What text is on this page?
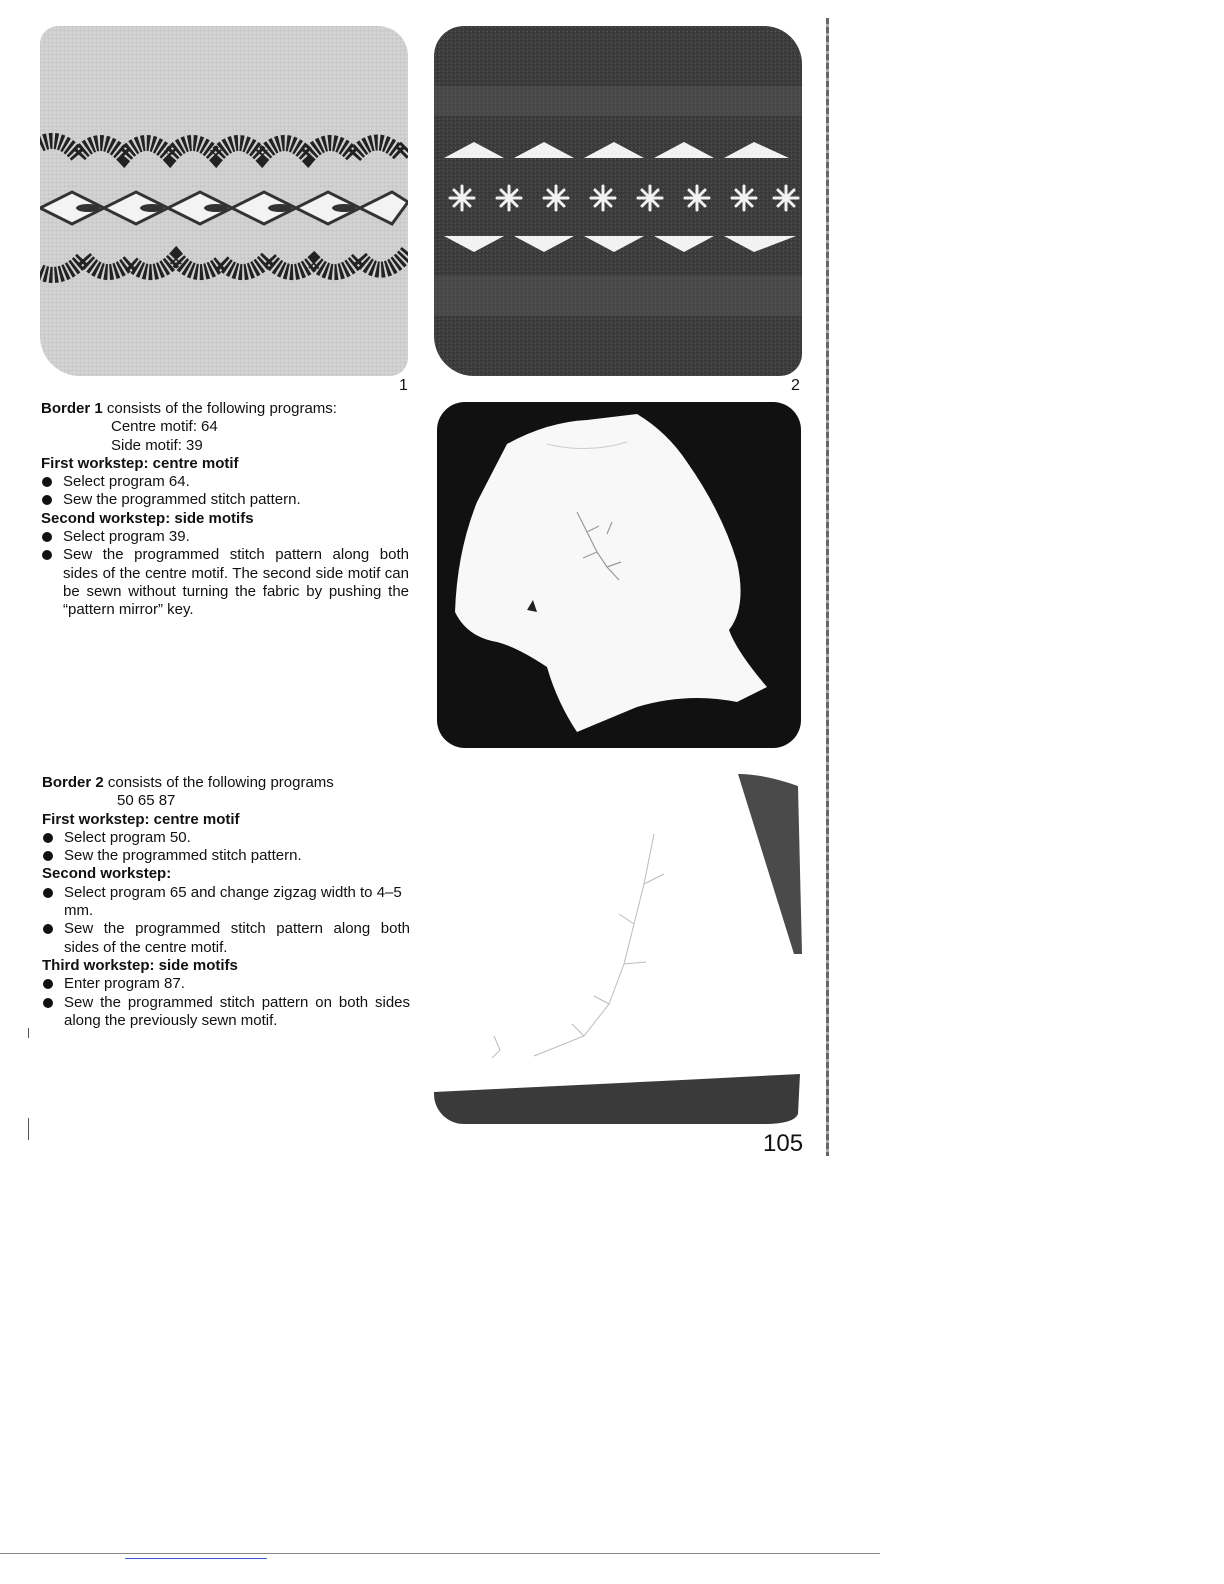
1	2

Border 1 consists of the following programs:

Centre motif: 64

Side motif: 39

First workstep: centre motif

Select program 64.
Sew the programmed stitch pattern.

Second workstep: side motifs

Select program 39.
Sew the programmed stitch pattern along both sides of the centre motif. The second side motif can be sewn without turning the fabric by pushing the “pattern mirror” key.

Border 2 consists of the following programs

50 65 87

First workstep: centre motif

Select program 50.
Sew the programmed stitch pattern.

Second workstep:

Select program 65 and change zigzag width to 4–5 mm.
Sew the programmed stitch pattern along both sides of the centre motif.

Third workstep: side motifs

Enter program 87.
Sew the programmed stitch pattern on both sides along the previously sewn motif.
105
